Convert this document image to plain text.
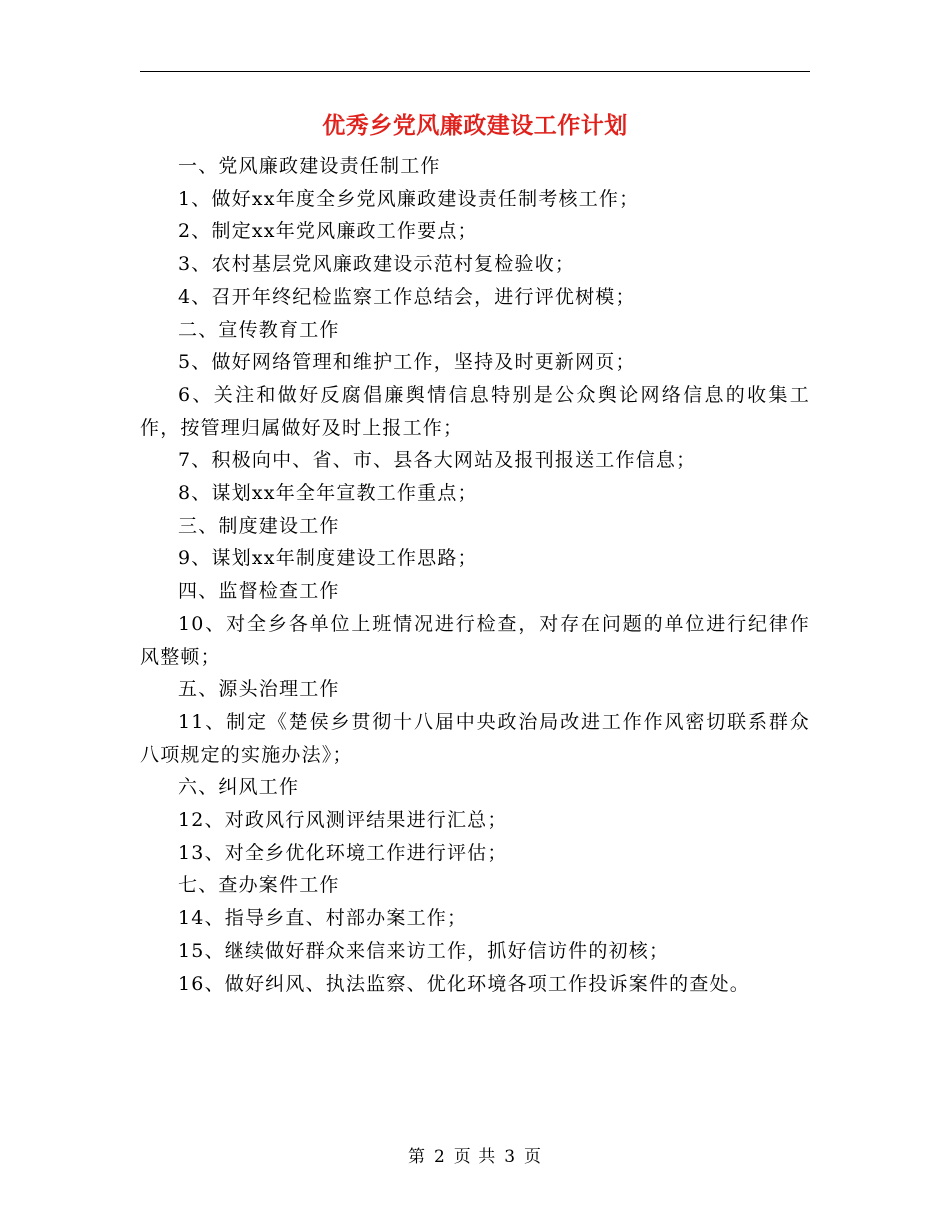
优秀乡党风廉政建设工作计划

一、党风廉政建设责任制工作

1、做好xx年度全乡党风廉政建设责任制考核工作；

2、制定xx年党风廉政工作要点；

3、农村基层党风廉政建设示范村复检验收；

4、召开年终纪检监察工作总结会，进行评优树模；

二、宣传教育工作

5、做好网络管理和维护工作，坚持及时更新网页；

6、关注和做好反腐倡廉舆情信息特别是公众舆论网络信息的收集工作，按管理归属做好及时上报工作；

7、积极向中、省、市、县各大网站及报刊报送工作信息；

8、谋划xx年全年宣教工作重点；

三、制度建设工作

9、谋划xx年制度建设工作思路；

四、监督检查工作

10、对全乡各单位上班情况进行检查，对存在问题的单位进行纪律作风整顿；

五、源头治理工作

11、制定《楚侯乡贯彻十八届中央政治局改进工作作风密切联系群众八项规定的实施办法》；

六、纠风工作

12、对政风行风测评结果进行汇总；

13、对全乡优化环境工作进行评估；

七、查办案件工作

14、指导乡直、村部办案工作；

15、继续做好群众来信来访工作，抓好信访件的初核；

16、做好纠风、执法监察、优化环境各项工作投诉案件的查处。

第 2 页 共 3 页
